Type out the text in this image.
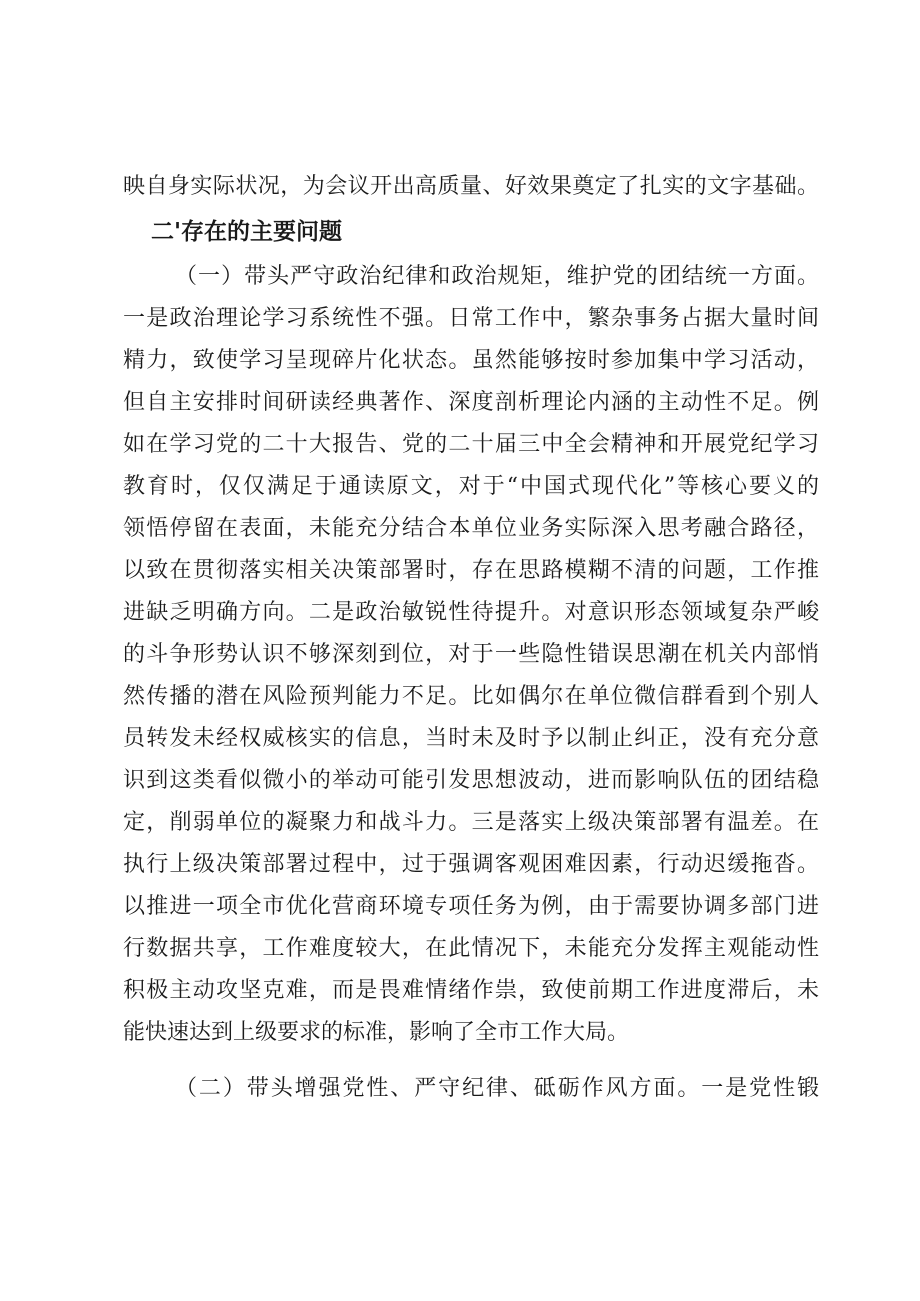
映自身实际状况，为会议开出高质量、好效果奠定了扎实的文字基础。
二'存在的主要问题
（一）带头严守政治纪律和政治规矩，维护党的团结统一方面。
一是政治理论学习系统性不强。日常工作中，繁杂事务占据大量时间
精力，致使学习呈现碎片化状态。虽然能够按时参加集中学习活动，
但自主安排时间研读经典著作、深度剖析理论内涵的主动性不足。例
如在学习党的二十大报告、党的二十届三中全会精神和开展党纪学习
教育时，仅仅满足于通读原文，对于“中国式现代化”等核心要义的
领悟停留在表面，未能充分结合本单位业务实际深入思考融合路径，
以致在贯彻落实相关决策部署时，存在思路模糊不清的问题，工作推
进缺乏明确方向。二是政治敏锐性待提升。对意识形态领域复杂严峻
的斗争形势认识不够深刻到位，对于一些隐性错误思潮在机关内部悄
然传播的潜在风险预判能力不足。比如偶尔在单位微信群看到个别人
员转发未经权威核实的信息，当时未及时予以制止纠正，没有充分意
识到这类看似微小的举动可能引发思想波动，进而影响队伍的团结稳
定，削弱单位的凝聚力和战斗力。三是落实上级决策部署有温差。在
执行上级决策部署过程中，过于强调客观困难因素，行动迟缓拖沓。
以推进一项全市优化营商环境专项任务为例，由于需要协调多部门进
行数据共享，工作难度较大，在此情况下，未能充分发挥主观能动性
积极主动攻坚克难，而是畏难情绪作祟，致使前期工作进度滞后，未
能快速达到上级要求的标准，影响了全市工作大局。
（二）带头增强党性、严守纪律、砥砺作风方面。一是党性锻
